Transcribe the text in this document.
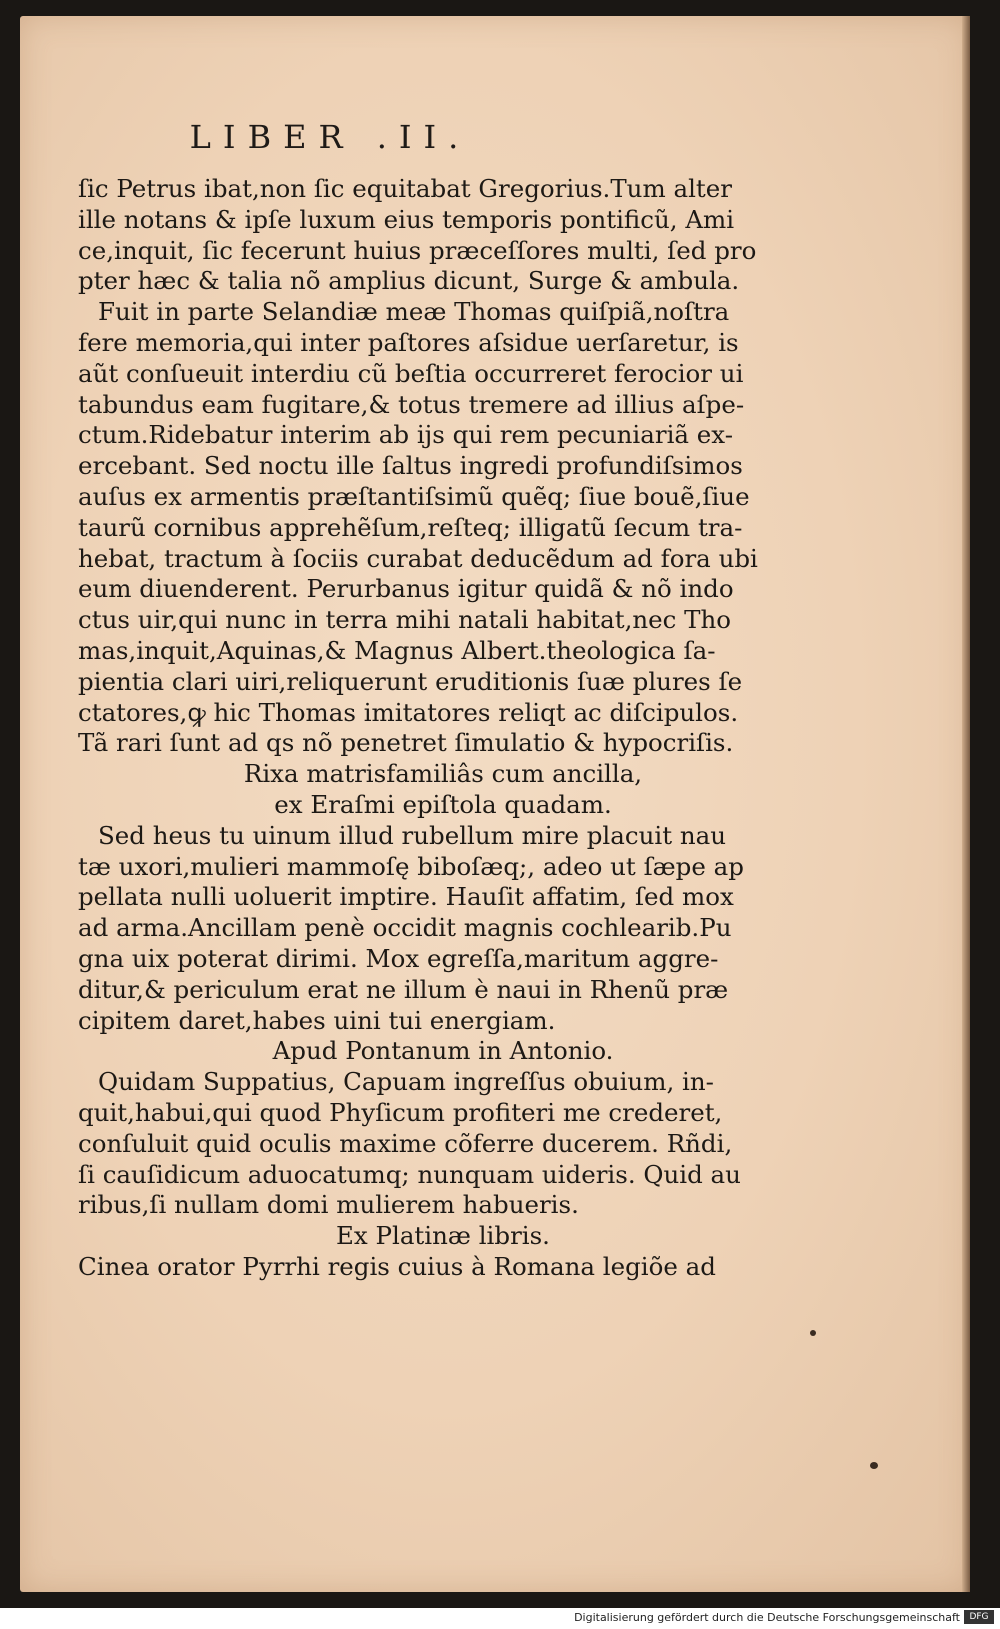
LIBER .II.
ſic Petrus ibat,non ſic equitabat Gregorius.Tum alter
ille notans & ipſe luxum eius temporis pontificũ, Ami
ce,inquit, ſic fecerunt huius præceſſores multi, ſed pro
pter hæc & talia nõ amplius dicunt, Surge & ambula.
Fuit in parte Selandiæ meæ Thomas quiſpiã,noſtra
fere memoria,qui inter paſtores aſsidue uerſaretur, is
aũt conſueuit interdiu cũ beſtia occurreret ferocior ui
tabundus eam fugitare,& totus tremere ad illius aſpe-
ctum.Ridebatur interim ab ijs qui rem pecuniariã ex-
ercebant. Sed noctu ille ſaltus ingredi profundiſsimos
auſus ex armentis præſtantiſsimũ quẽq; ſiue bouẽ,ſiue
taurũ cornibus apprehẽſum,reſteq; illigatũ ſecum tra-
hebat, tractum à ſociis curabat deducẽdum ad fora ubi
eum diuenderent. Perurbanus igitur quidã & nõ indo
ctus uir,qui nunc in terra mihi natali habitat,nec Tho
mas,inquit,Aquinas,& Magnus Albert.theologica ſa-
pientia clari uiri,reliquerunt eruditionis ſuæ plures ſe
ctatores,ꝙ hic Thomas imitatores reliqt ac diſcipulos.
Tã rari ſunt ad qs nõ penetret ſimulatio & hypocriſis.
Rixa matrisfamiliâs cum ancilla,
ex Eraſmi epiſtola quadam.
Sed heus tu uinum illud rubellum mire placuit nau
tæ uxori,mulieri mammoſę biboſæq;, adeo ut ſæpe ap
pellata nulli uoluerit imptire. Hauſit affatim, ſed mox
ad arma.Ancillam penè occidit magnis cochlearib.Pu
gna uix poterat dirimi. Mox egreſſa,maritum aggre-
ditur,& periculum erat ne illum è naui in Rhenũ præ
cipitem daret,habes uini tui energiam.
Apud Pontanum in Antonio.
Quidam Suppatius, Capuam ingreſſus obuium, in-
quit,habui,qui quod Phyſicum profiteri me crederet,
conſuluit quid oculis maxime cõferre ducerem. Rñdi,
ſi cauſidicum aduocatumq; nunquam uideris. Quid au
ribus,ſi nullam domi mulierem habueris.
Ex Platinæ libris.
Cinea orator Pyrrhi regis cuius à Romana legiõe ad
Digitalisierung gefördert durch die Deutsche Forschungsgemeinschaft	DFG
